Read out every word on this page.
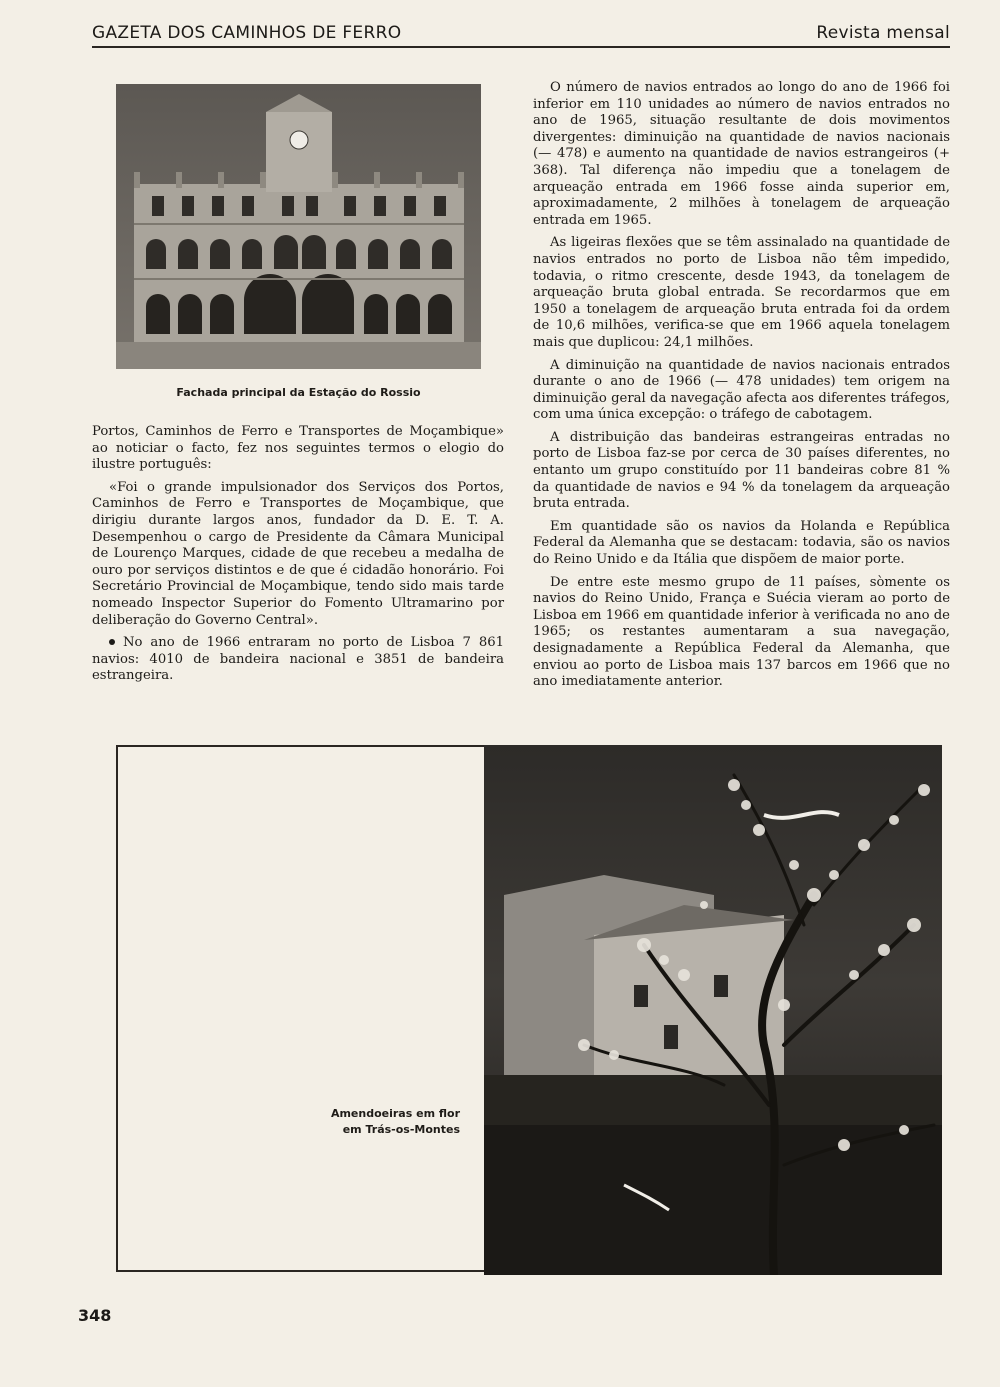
GAZETA DOS CAMINHOS DE FERRO	Revista mensal
Fachada principal da Estação do Rossio

Portos, Caminhos de Ferro e Transportes de Moçambique» ao noticiar o facto, fez nos seguintes termos o elogio do ilustre português:

«Foi o grande impulsionador dos Serviços dos Portos, Caminhos de Ferro e Transportes de Moçambique, que dirigiu durante largos anos, fundador da D. E. T. A. Desempenhou o cargo de Presidente da Câmara Municipal de Lourenço Marques, cidade de que recebeu a medalha de ouro por serviços distintos e de que é cidadão honorário. Foi Secretário Provincial de Moçambique, tendo sido mais tarde nomeado Inspector Superior do Fomento Ultramarino por deliberação do Governo Central».

No ano de 1966 entraram no porto de Lisboa 7 861 navios: 4010 de bandeira nacional e 3851 de bandeira estrangeira.

O número de navios entrados ao longo do ano de 1966 foi inferior em 110 unidades ao número de navios entrados no ano de 1965, situação resultante de dois movimentos divergentes: diminuição na quantidade de navios nacionais (— 478) e aumento na quantidade de navios estrangeiros (+ 368). Tal diferença não impediu que a tonelagem de arqueação entrada em 1966 fosse ainda superior em, aproximadamente, 2 milhões à tonelagem de arqueação entrada em 1965.

As ligeiras flexões que se têm assinalado na quantidade de navios entrados no porto de Lisboa não têm impedido, todavia, o ritmo crescente, desde 1943, da tonelagem de arqueação bruta global entrada. Se recordarmos que em 1950 a tonelagem de arqueação bruta entrada foi da ordem de 10,6 milhões, verifica-se que em 1966 aquela tonelagem mais que duplicou: 24,1 milhões.

A diminuição na quantidade de navios nacionais entrados durante o ano de 1966 (— 478 unidades) tem origem na diminuição geral da navegação afecta aos diferentes tráfegos, com uma única excepção: o tráfego de cabotagem.

A distribuição das bandeiras estrangeiras entradas no porto de Lisboa faz-se por cerca de 30 países diferentes, no entanto um grupo constituído por 11 bandeiras cobre 81 % da quantidade de navios e 94 % da tonelagem da arqueação bruta entrada.

Em quantidade são os navios da Holanda e República Federal da Alemanha que se destacam: todavia, são os navios do Reino Unido e da Itália que dispõem de maior porte.

De entre este mesmo grupo de 11 países, sòmente os navios do Reino Unido, França e Suécia vieram ao porto de Lisboa em 1966 em quantidade inferior à verificada no ano de 1965; os restantes aumentaram a sua navegação, designadamente a República Federal da Alemanha, que enviou ao porto de Lisboa mais 137 barcos em 1966 que no ano imediatamente anterior.

Amendoeiras em flor
em Trás-os-Montes
348
